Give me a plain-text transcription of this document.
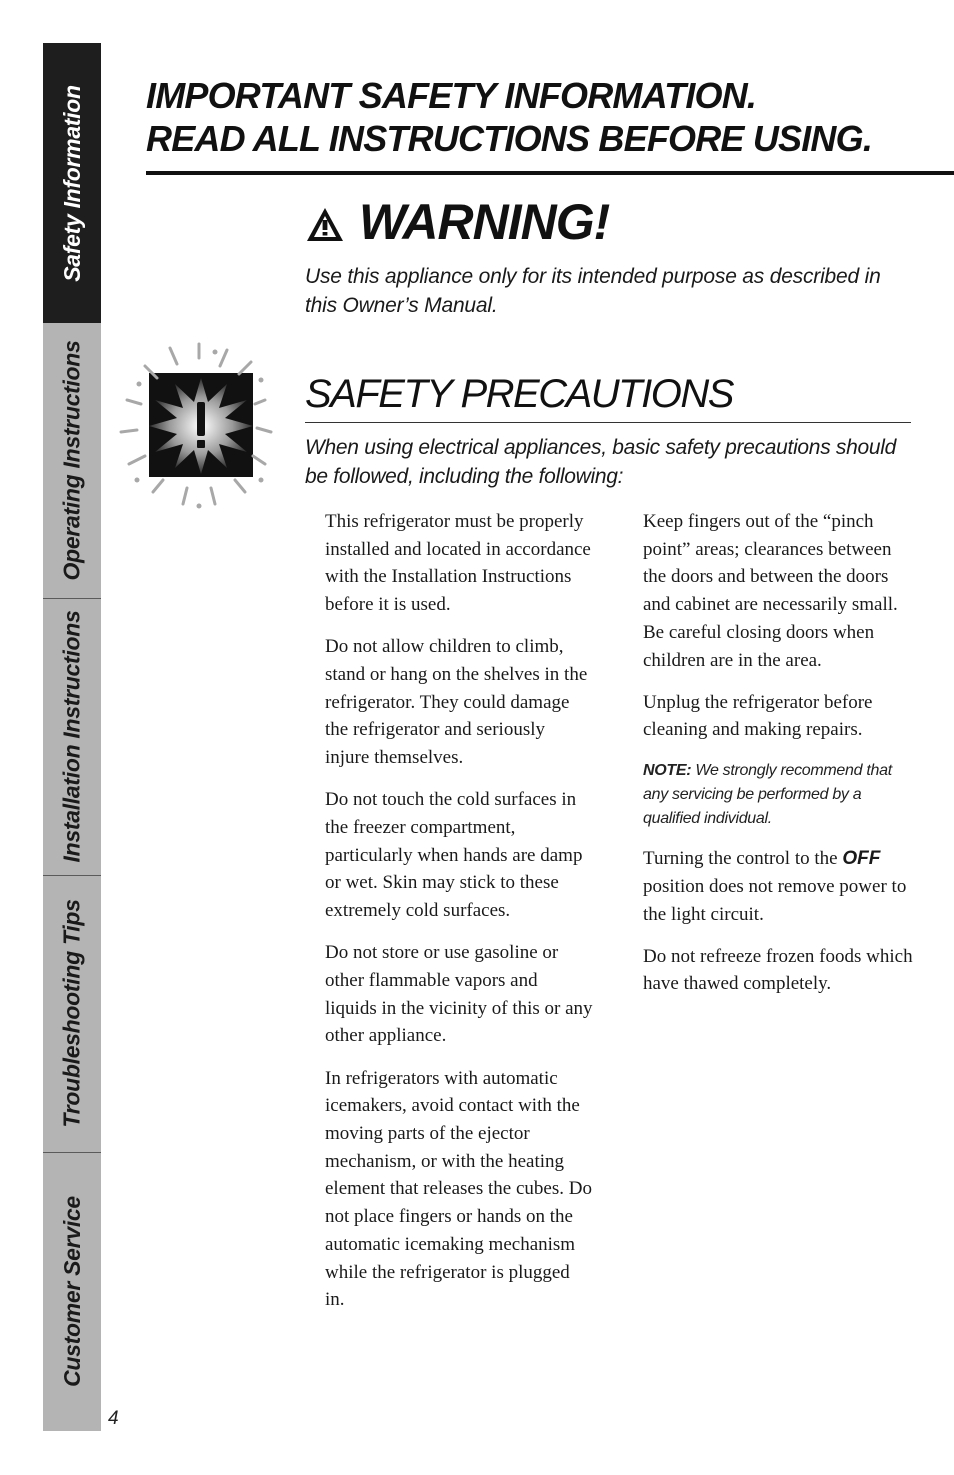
Safety Information
Operating Instructions
Installation Instructions
Troubleshooting Tips
Customer Service
4
IMPORTANT SAFETY INFORMATION.
READ ALL INSTRUCTIONS BEFORE USING.
WARNING!

Use this appliance only for its intended purpose as described in this Owner’s Manual.

SAFETY PRECAUTIONS

When using electrical appliances, basic safety precautions should be followed, including the following:

This refrigerator must be properly installed and located in accordance with the Installation Instructions before it is used.

Do not allow children to climb, stand or hang on the shelves in the refrigerator. They could damage the refrigerator and seriously injure themselves.

Do not touch the cold surfaces in the freezer compartment, particularly when hands are damp or wet. Skin may stick to these extremely cold surfaces.

Do not store or use gasoline or other flammable vapors and liquids in the vicinity of this or any other appliance.

In refrigerators with automatic icemakers, avoid contact with the moving parts of the ejector mechanism, or with the heating element that releases the cubes. Do not place fingers or hands on the automatic icemaking mechanism while the refrigerator is plugged in.

Keep fingers out of the “pinch point” areas; clearances between the doors and between the doors and cabinet are necessarily small. Be careful closing doors when children are in the area.

Unplug the refrigerator before cleaning and making repairs.

NOTE: We strongly recommend that any servicing be performed by a qualified individual.

Turning the control to the OFF position does not remove power to the light circuit.

Do not refreeze frozen foods which have thawed completely.
